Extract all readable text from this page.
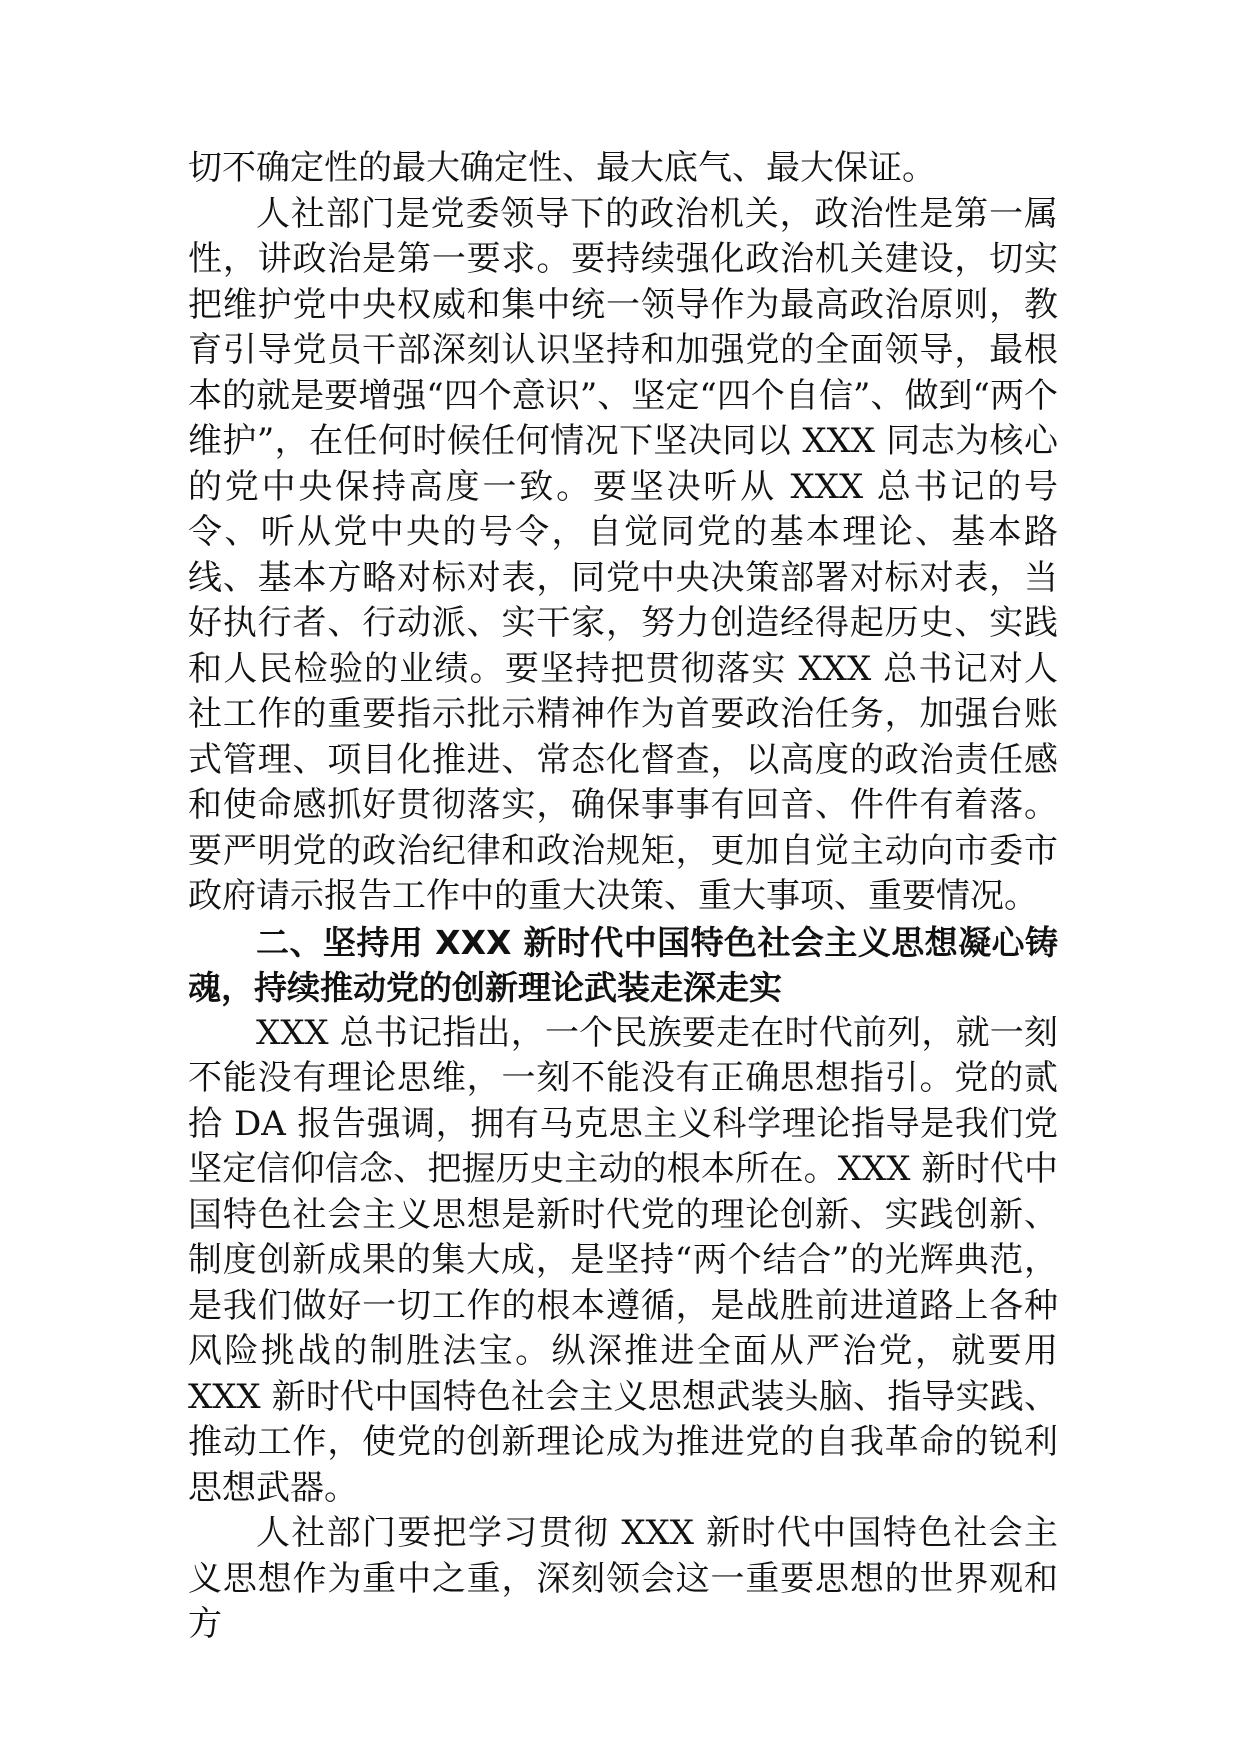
切不确定性的最大确定性、最大底气、最大保证。

人社部门是党委领导下的政治机关，政治性是第一属性，讲政治是第一要求。要持续强化政治机关建设，切实把维护党中央权威和集中统一领导作为最高政治原则，教育引导党员干部深刻认识坚持和加强党的全面领导，最根本的就是要增强“四个意识”、坚定“四个自信”、做到“两个维护”，在任何时候任何情况下坚决同以 XXX 同志为核心的党中央保持高度一致。要坚决听从 XXX 总书记的号令、听从党中央的号令，自觉同党的基本理论、基本路线、基本方略对标对表，同党中央决策部署对标对表，当好执行者、行动派、实干家，努力创造经得起历史、实践和人民检验的业绩。要坚持把贯彻落实 XXX 总书记对人社工作的重要指示批示精神作为首要政治任务，加强台账式管理、项目化推进、常态化督查，以高度的政治责任感和使命感抓好贯彻落实，确保事事有回音、件件有着落。要严明党的政治纪律和政治规矩，更加自觉主动向市委市政府请示报告工作中的重大决策、重大事项、重要情况。

二、坚持用 XXX 新时代中国特色社会主义思想凝心铸魂，持续推动党的创新理论武装走深走实

XXX 总书记指出，一个民族要走在时代前列，就一刻不能没有理论思维，一刻不能没有正确思想指引。党的贰拾 DA 报告强调，拥有马克思主义科学理论指导是我们党坚定信仰信念、把握历史主动的根本所在。XXX 新时代中国特色社会主义思想是新时代党的理论创新、实践创新、制度创新成果的集大成，是坚持“两个结合”的光辉典范，是我们做好一切工作的根本遵循，是战胜前进道路上各种风险挑战的制胜法宝。纵深推进全面从严治党，就要用 XXX 新时代中国特色社会主义思想武装头脑、指导实践、推动工作，使党的创新理论成为推进党的自我革命的锐利思想武器。

人社部门要把学习贯彻 XXX 新时代中国特色社会主义思想作为重中之重，深刻领会这一重要思想的世界观和方
